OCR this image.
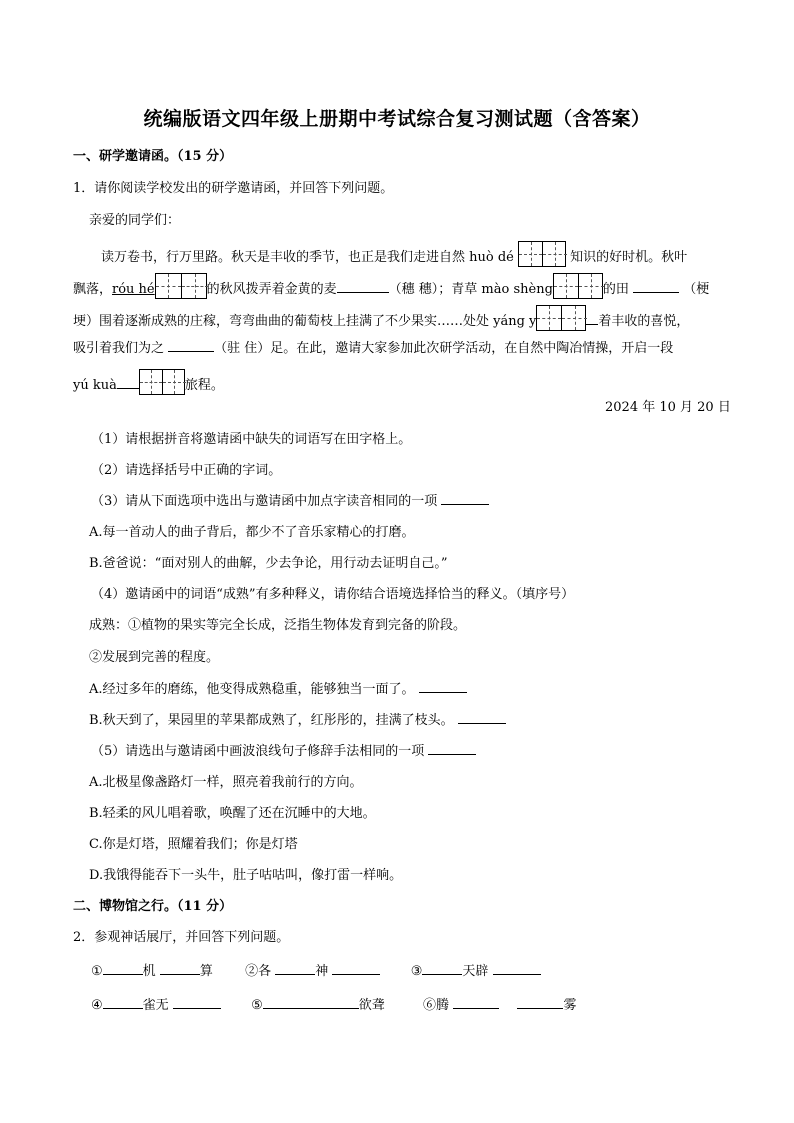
统编版语文四年级上册期中考试综合复习测试题（含答案）
一、研学邀请函。（15 分）
1．请你阅读学校发出的研学邀请函，并回答下列问题。
亲爱的同学们：
读万卷书，行万里路。秋天是丰收的季节，也正是我们走进自然 huò dé	知识的好时机。秋叶
飘落，róu hé	的秋风拨弄着金黄的麦	（穗 穗）；青草 mào shèng	的田	（梗
埂）围着逐渐成熟的庄稼，弯弯曲曲的葡萄枝上挂满了不少果实……处处 yáng y	着丰收的喜悦，
吸引着我们为之	（驻 住）足。在此，邀请大家参加此次研学活动，在自然中陶冶情操，开启一段
yú kuà	旅程。
2024 年 10 月 20 日
（1）请根据拼音将邀请函中缺失的词语写在田字格上。
（2）请选择括号中正确的字词。
（3）请从下面选项中选出与邀请函中加点字读音相同的一项
A.每一首动人的曲子背后，都少不了音乐家精心的打磨。
B.爸爸说：“面对别人的曲解，少去争论，用行动去证明自己。”
（4）邀请函中的词语“成熟”有多种释义，请你结合语境选择恰当的释义。（填序号）
成熟：①植物的果实等完全长成，泛指生物体发育到完备的阶段。
②发展到完善的程度。
A.经过多年的磨练，他变得成熟稳重，能够独当一面了。
B.秋天到了，果园里的苹果都成熟了，红彤彤的，挂满了枝头。
（5）请选出与邀请函中画波浪线句子修辞手法相同的一项
A.北极星像盏路灯一样，照亮着我前行的方向。
B.轻柔的风儿唱着歌，唤醒了还在沉睡中的大地。
C.你是灯塔，照耀着我们；你是灯塔
D.我饿得能吞下一头牛，肚子咕咕叫，像打雷一样响。
二、博物馆之行。（11 分）
2．参观神话展厅，并回答下列问题。
①	机	算 ②各	神	③	天辟
④	雀无	⑤	欲聋	⑥腾	雾
